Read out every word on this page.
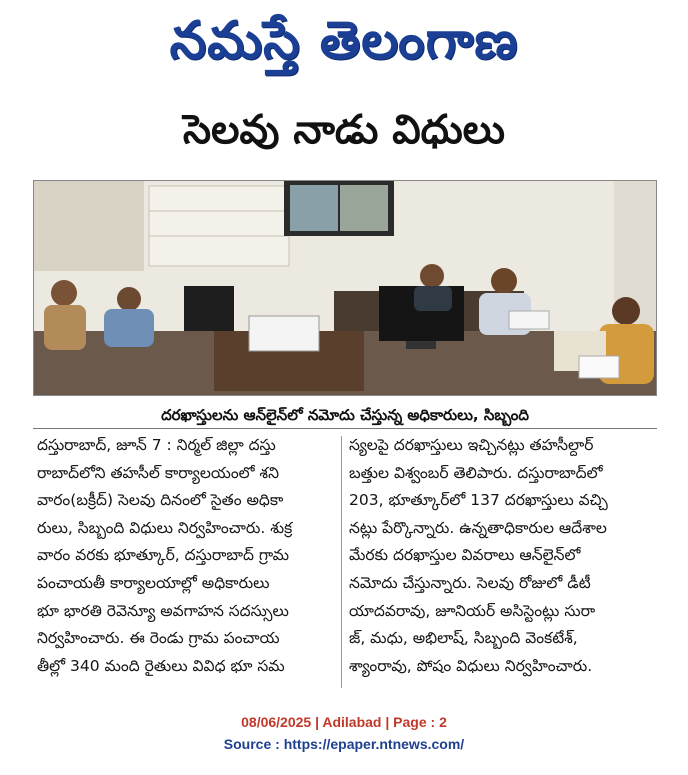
నమస్తే తెలంగాణ
సెలవు నాడు విధులు
దరఖాస్తులను ఆన్‌లైన్‌లో నమోదు చేస్తున్న అధికారులు, సిబ్బంది
దస్తురాబాద్, జూన్ 7 : నిర్మల్ జిల్లా దస్తు
రాబాద్‌లోని తహసీల్ కార్యాలయంలో శని
వారం(బక్రీద్) సెలవు దినంలో సైతం అధికా
రులు, సిబ్బంది విధులు నిర్వహించారు. శుక్ర
వారం వరకు భూత్కూర్, దస్తురాబాద్ గ్రామ
పంచాయతీ కార్యాలయాల్లో అధికారులు
భూ భారతి రెవెన్యూ అవగాహన సదస్సులు
నిర్వహించారు. ఈ రెండు గ్రామ పంచాయ
తీల్లో 340 మంది రైతులు వివిధ భూ సమ
స్యలపై దరఖాస్తులు ఇచ్చినట్లు తహసీల్దార్
బత్తుల విశ్వంబర్ తెలిపారు. దస్తురాబాద్‌లో
203, భూత్కూర్‌లో 137 దరఖాస్తులు వచ్చి
నట్లు పేర్కొన్నారు. ఉన్నతాధికారుల ఆదేశాల
మేరకు దరఖాస్తుల వివరాలు ఆన్‌లైన్‌లో
నమోదు చేస్తున్నారు. సెలవు రోజులో డీటీ
యాదవరావు, జూనియర్ అసిస్టెంట్లు సురా
జ్, మధు, అభిలాష్, సిబ్బంది వెంకటేశ్,
శ్యాంరావు, పోషం విధులు నిర్వహించారు.
08/06/2025 | Adilabad | Page : 2
Source : https://epaper.ntnews.com/
